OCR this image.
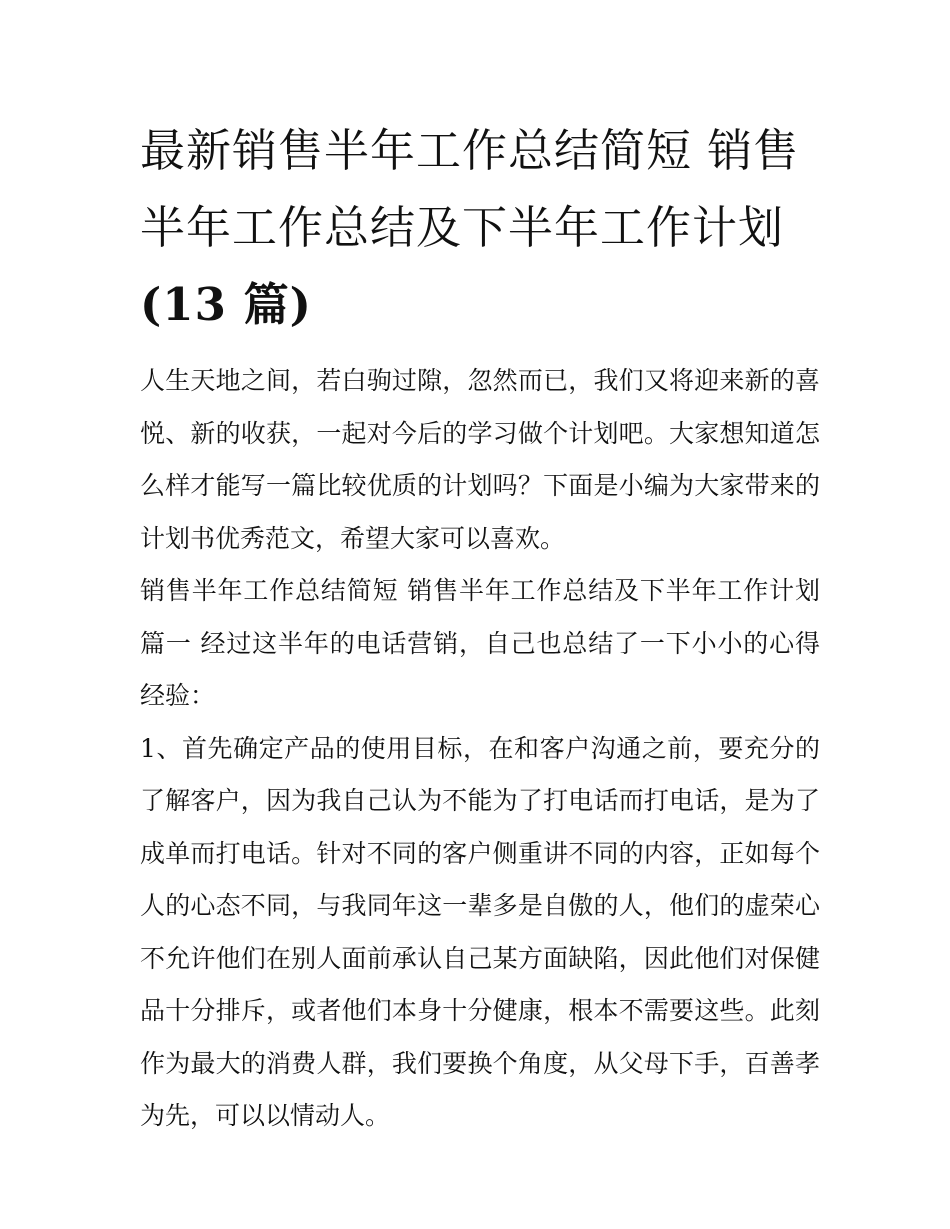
最新销售半年工作总结简短 销售半年工作总结及下半年工作计划(13 篇)

人生天地之间，若白驹过隙，忽然而已，我们又将迎来新的喜悦、新的收获，一起对今后的学习做个计划吧。大家想知道怎么样才能写一篇比较优质的计划吗？下面是小编为大家带来的计划书优秀范文，希望大家可以喜欢。

销售半年工作总结简短 销售半年工作总结及下半年工作计划篇一 经过这半年的电话营销，自己也总结了一下小小的心得经验：

1、首先确定产品的使用目标，在和客户沟通之前，要充分的了解客户，因为我自己认为不能为了打电话而打电话，是为了成单而打电话。针对不同的客户侧重讲不同的内容，正如每个人的心态不同，与我同年这一辈多是自傲的人，他们的虚荣心不允许他们在别人面前承认自己某方面缺陷，因此他们对保健品十分排斥，或者他们本身十分健康，根本不需要这些。此刻作为最大的消费人群，我们要换个角度，从父母下手，百善孝为先，可以以情动人。
